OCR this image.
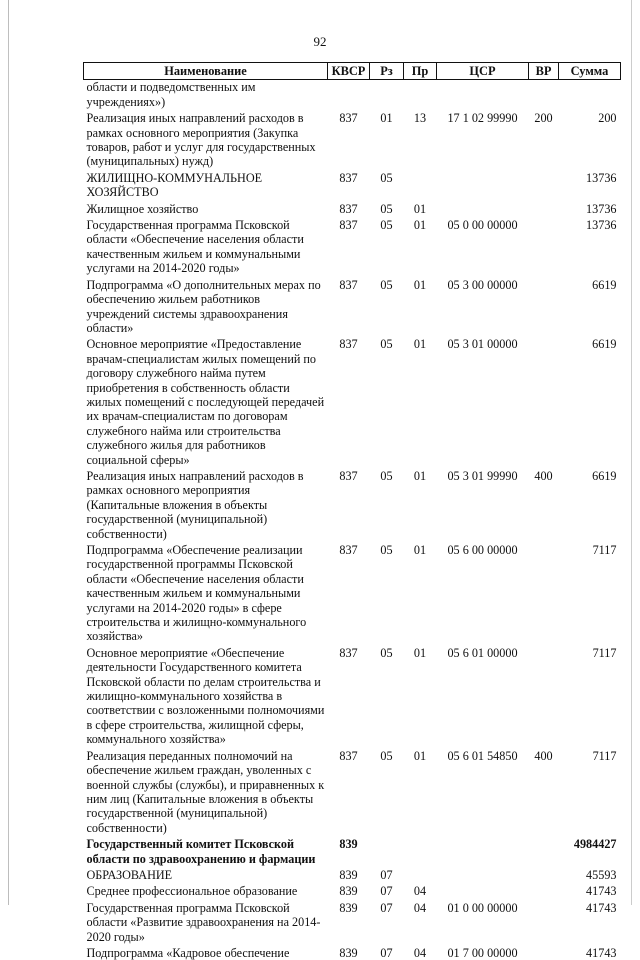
92
Наименование	КВСР	Рз	Пр	ЦСР	ВР	Сумма
области и подведомственных им учреждениях»)						
Реализация иных направлений расходов в рамках основного мероприятия (Закупка товаров, работ и услуг для государственных (муниципальных) нужд)	837	01	13	17 1 02 99990	200	200
ЖИЛИЩНО-КОММУНАЛЬНОЕ ХОЗЯЙСТВО	837	05				13736
Жилищное хозяйство	837	05	01			13736
Государственная программа Псковской области «Обеспечение населения области качественным жильем и коммунальными услугами на 2014-2020 годы»	837	05	01	05 0 00 00000		13736
Подпрограмма «О дополнительных мерах по обеспечению жильем работников учреждений системы здравоохранения области»	837	05	01	05 3 00 00000		6619
Основное мероприятие «Предоставление врачам-специалистам жилых помещений по договору служебного найма путем приобретения в собственность области жилых помещений с последующей передачей их врачам-специалистам по договорам служебного найма или строительства служебного жилья для работников социальной сферы»	837	05	01	05 3 01 00000		6619
Реализация иных направлений расходов в рамках основного мероприятия (Капитальные вложения в объекты государственной (муниципальной) собственности)	837	05	01	05 3 01 99990	400	6619
Подпрограмма «Обеспечение реализации государственной программы Псковской области «Обеспечение населения области качественным жильем и коммунальными услугами на 2014-2020 годы» в сфере строительства и жилищно-коммунального хозяйства»	837	05	01	05 6 00 00000		7117
Основное мероприятие «Обеспечение деятельности Государственного комитета Псковской области по делам строительства и жилищно-коммунального хозяйства в соответствии с возложенными полномочиями в сфере строительства, жилищной сферы, коммунального хозяйства»	837	05	01	05 6 01 00000		7117
Реализация переданных полномочий на обеспечение жильем граждан, уволенных с военной службы (службы), и приравненных к ним лиц (Капитальные вложения в объекты государственной (муниципальной) собственности)	837	05	01	05 6 01 54850	400	7117
Государственный комитет Псковской области по здравоохранению и фармации	839					4984427
ОБРАЗОВАНИЕ	839	07				45593
Среднее профессиональное образование	839	07	04			41743
Государственная программа Псковской области «Развитие здравоохранения на 2014-2020 годы»	839	07	04	01 0 00 00000		41743
Подпрограмма «Кадровое обеспечение	839	07	04	01 7 00 00000		41743
